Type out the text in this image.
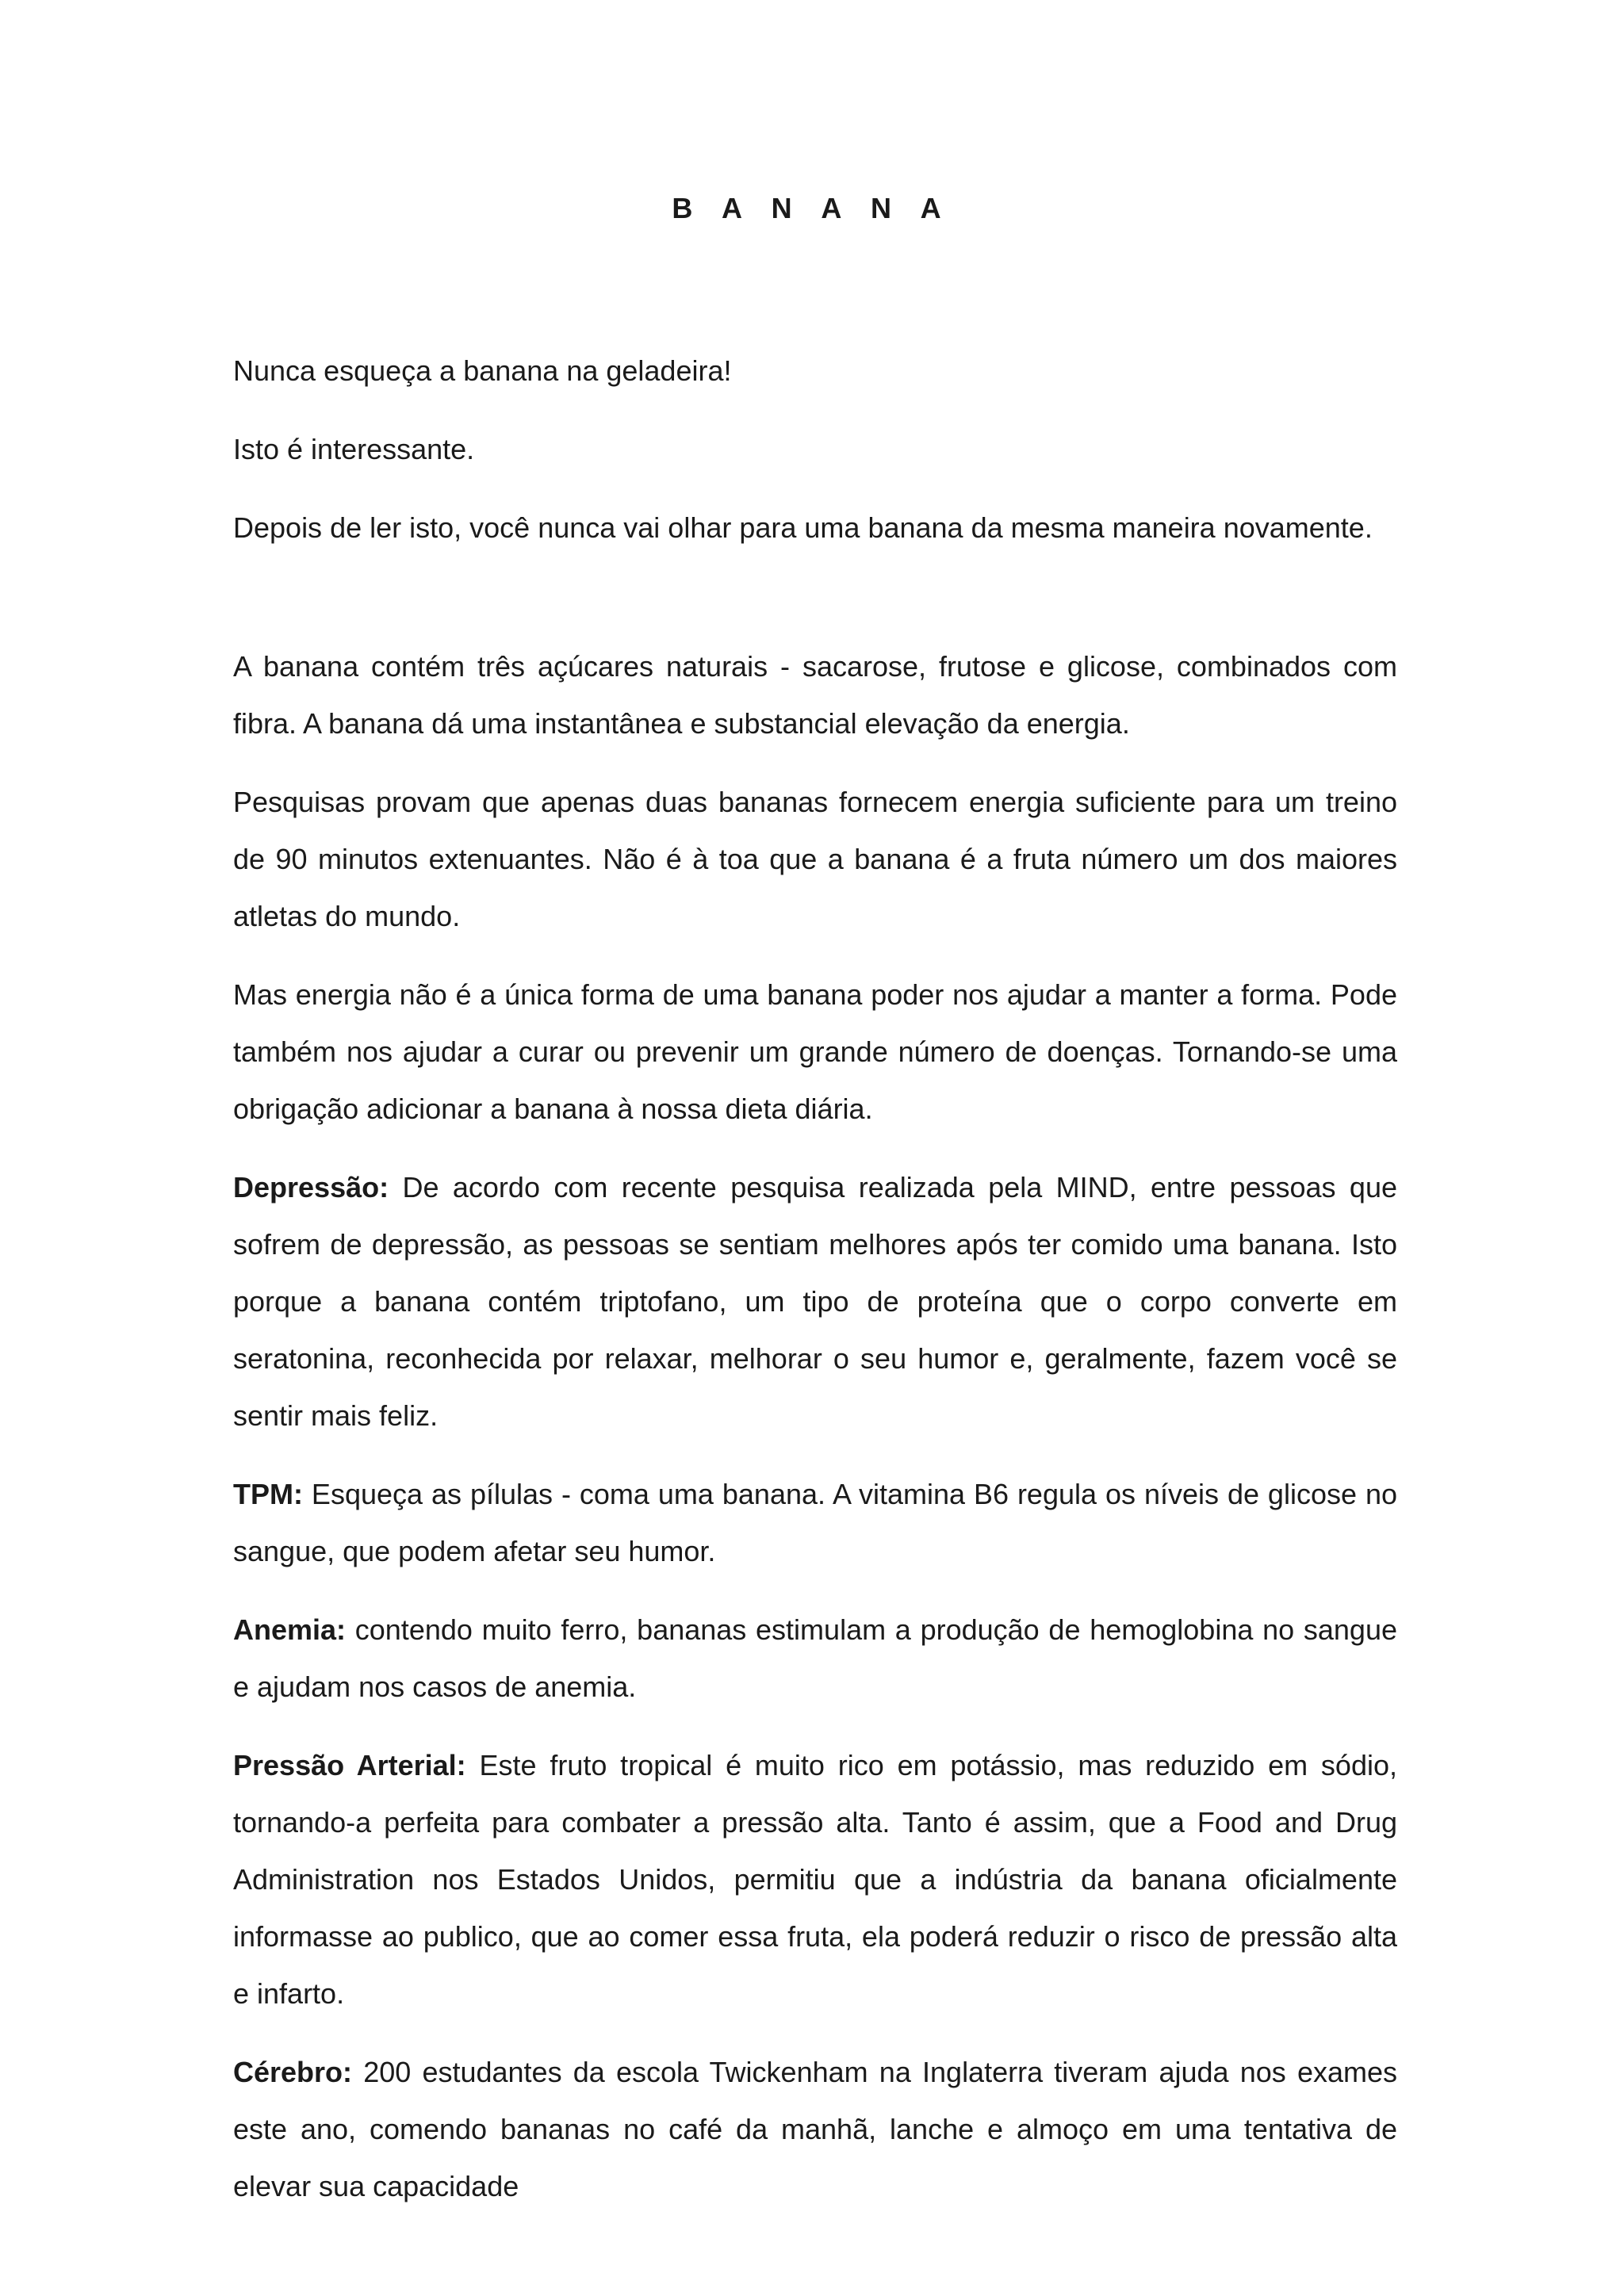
B A N A N A

Nunca esqueça a banana na geladeira!

Isto é interessante.

Depois de ler isto, você nunca vai olhar para uma banana da mesma maneira novamente.

A banana contém três açúcares naturais - sacarose, frutose e glicose, combinados com fibra. A banana dá uma instantânea e substancial elevação da energia.

Pesquisas provam que apenas duas bananas fornecem energia suficiente para um treino de 90 minutos extenuantes. Não é à toa que a banana é a fruta número um dos maiores atletas do mundo.

Mas energia não é a única forma de uma banana poder nos ajudar a manter a forma. Pode também nos ajudar a curar ou prevenir um grande número de doenças. Tornando-se uma obrigação adicionar a banana à nossa dieta diária.

Depressão: De acordo com recente pesquisa realizada pela MIND, entre pessoas que sofrem de depressão, as pessoas se sentiam melhores após ter comido uma banana. Isto porque a banana contém triptofano, um tipo de proteína que o corpo converte em seratonina, reconhecida por relaxar, melhorar o seu humor e, geralmente, fazem você se sentir mais feliz.

TPM: Esqueça as pílulas - coma uma banana. A vitamina B6 regula os níveis de glicose no sangue, que podem afetar seu humor.

Anemia: contendo muito ferro, bananas estimulam a produção de hemoglobina no sangue e ajudam nos casos de anemia.

Pressão Arterial: Este fruto tropical é muito rico em potássio, mas reduzido em sódio, tornando-a perfeita para combater a pressão alta. Tanto é assim, que a Food and Drug Administration nos Estados Unidos, permitiu que a indústria da banana oficialmente informasse ao publico, que ao comer essa fruta, ela poderá reduzir o risco de pressão alta e infarto.

Cérebro: 200 estudantes da escola Twickenham na Inglaterra tiveram ajuda nos exames este ano, comendo bananas no café da manhã, lanche e almoço em uma tentativa de elevar sua capacidade
